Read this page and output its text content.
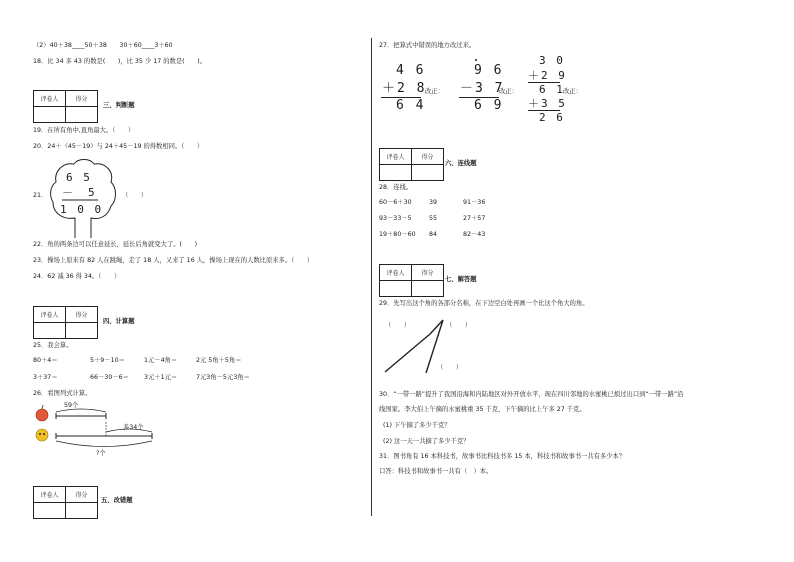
（2）40＋38____50＋38　　30＋60____3＋60
18．比 34 多 43 的数是(　　)，比 35 少 17 的数是(　　)。
评卷人	得分

三、判断题
19．在所有角中,直角最大。（　　）
20．24＋（45－19）与 24＋45－19 的得数相同。（　　）
21．
6 5
－　5
1 0 0
（　　）
22．角的两条边可以任意延长，延长后角就变大了。(　　)
23．操场上原来有 82 人在跳绳，走了 18 人，又来了 16 人，操场上现在的人数比原来多。（　　）
24．62 减 36 得 34。（　　）
评卷人	得分

四、计算题
25．我会算。
80＋4＝	5＋9－10＝	1元－4角＝	2元 5角＋5角＝
3＋37＝	66－30－6＝ 3元＋1元＝	7元3角－5元3角＝
26．看图列式计算。
59个
多34个
?个
评卷人	得分

五、改错题
27．把算式中错误的地方改过来。
4 6
＋2 8
6 4
改正：
9 6
－3 7
6 9
改正：
3 0
＋2 9
6 1
＋3 5
2 6
改正：
评卷人	得分

六、连线题
28．连线。
60－6＋30	39	91－36
93－33－5	55	27＋57
19＋80－60 84	82－43
评卷人	得分

七、解答题
29．先写出这个角的各部分名称，在下边空白处再画一个比这个角大的角。
（　　）	（　　）
（　　）
30．“一带一路”提升了我国沿海和内陆地区对外开放水平，现在四川邻地的水蜜桃已烦过出口到“一带一路”沿
线国家。李大伯上午摘的水蜜桃重 35 千克，下午摘的比上午多 27 千克。
(1) 下午摘了多少千克？
(2) 这一天一共摘了多少千克？
31．图书角有 16 本科技书，故事书比科技书多 15 本，科技书和故事书一共有多少本？
口答：科技书和故事书一共有（　）本。
